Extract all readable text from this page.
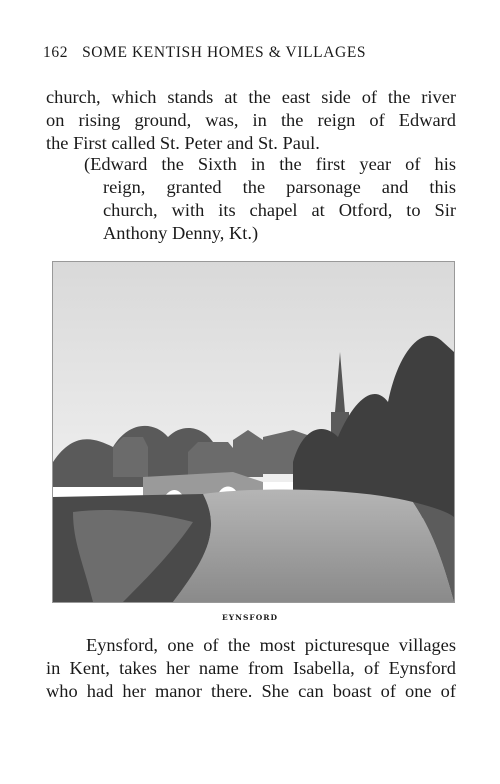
162 SOME KENTISH HOMES & VILLAGES
church, which stands at the east side of the river
on rising ground, was, in the reign of Edward
the First called St. Peter and St. Paul.
(Edward the Sixth in the first year of his
reign, granted the parsonage and this
church, with its chapel at Otford, to Sir
Anthony Denny, Kt.)
EYNSFORD
Eynsford, one of the most picturesque villages
in Kent, takes her name from Isabella, of Eynsford
who had her manor there. She can boast of one of
